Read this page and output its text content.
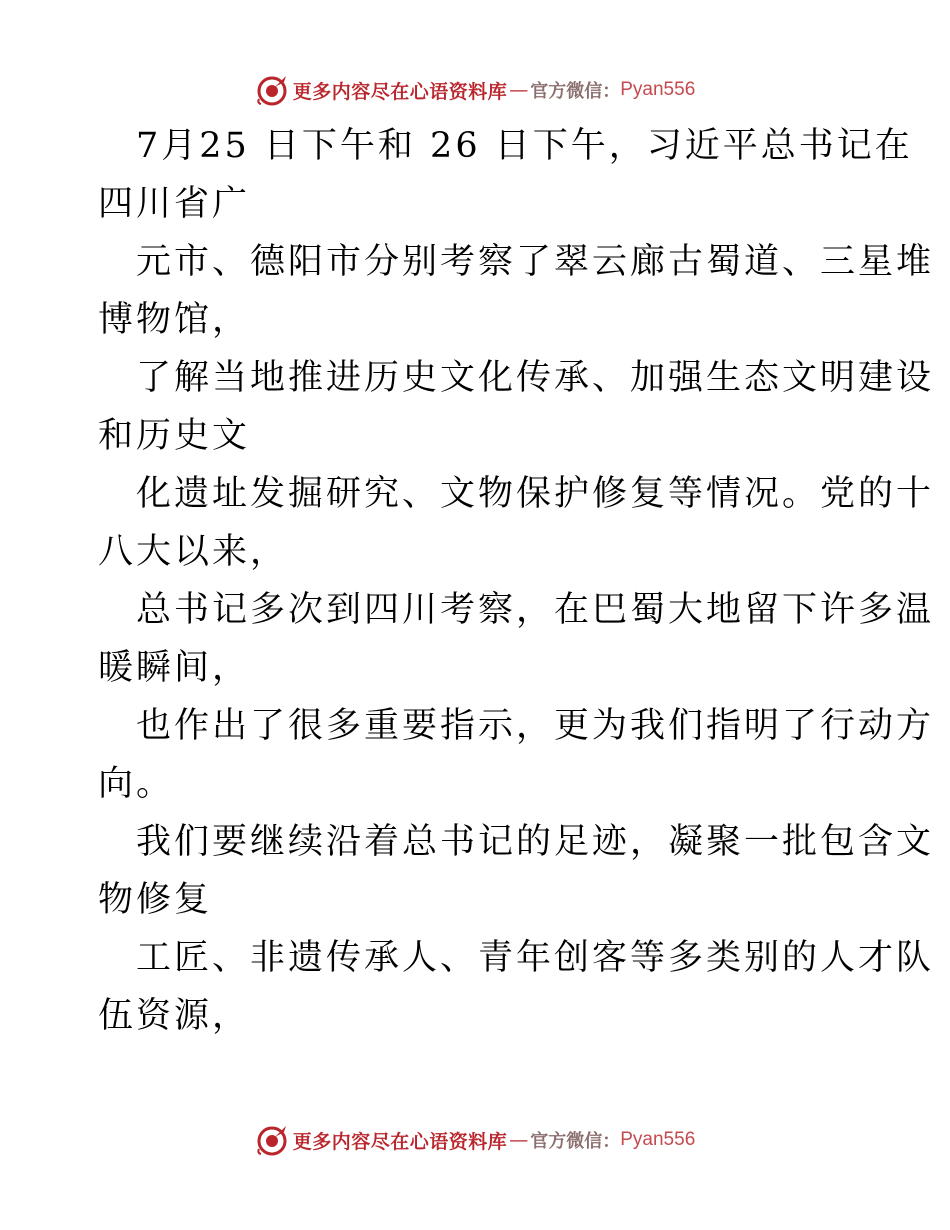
更多内容尽在心语资料库 — 官方微信： Pyan556

7月25 日下午和 26 日下午，习近平总书记在
四川省广

元市、德阳市分别考察了翠云廊古蜀道、三星堆
博物馆，

了解当地推进历史文化传承、加强生态文明建设
和历史文

化遗址发掘研究、文物保护修复等情况。党的十
八大以来，

总书记多次到四川考察，在巴蜀大地留下许多温
暖瞬间，

也作出了很多重要指示，更为我们指明了行动方
向。

我们要继续沿着总书记的足迹，凝聚一批包含文
物修复

工匠、非遗传承人、青年创客等多类别的人才队
伍资源，

更多内容尽在心语资料库 — 官方微信： Pyan556
